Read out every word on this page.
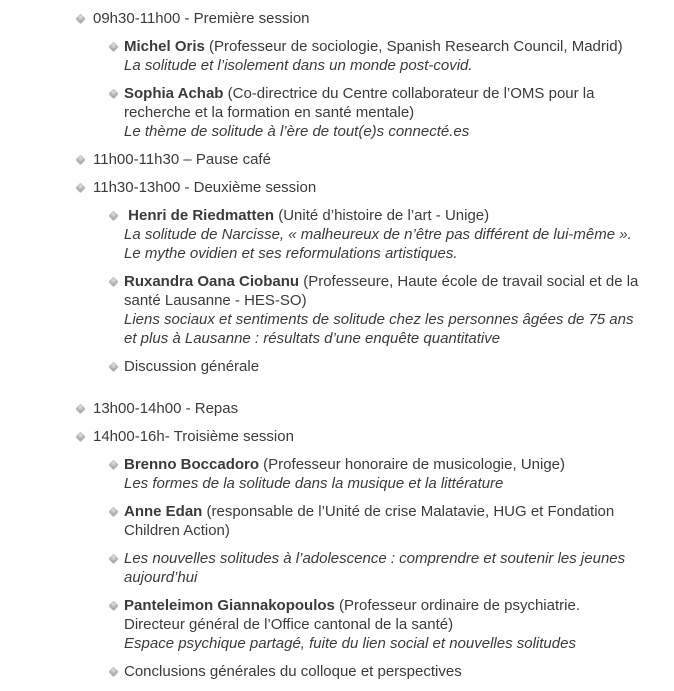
09h30-11h00 - Première session
Michel Oris (Professeur de sociologie, Spanish Research Council, Madrid)
La solitude et l’isolement dans un monde post-covid.
Sophia Achab (Co-directrice du Centre collaborateur de l’OMS pour la
recherche et la formation en santé mentale)
Le thème de solitude à l’ère de tout(e)s connecté.es
11h00-11h30 – Pause café
11h30-13h00 - Deuxième session
Henri de Riedmatten (Unité d’histoire de l’art - Unige)
La solitude de Narcisse, « malheureux de n’être pas différent de lui-même ».
Le mythe ovidien et ses reformulations artistiques.
Ruxandra Oana Ciobanu (Professeure, Haute école de travail social et de la
santé Lausanne - HES-SO)
Liens sociaux et sentiments de solitude chez les personnes âgées de 75 ans
et plus à Lausanne : résultats d’une enquête quantitative
Discussion générale
13h00-14h00 - Repas
14h00-16h- Troisième session
Brenno Boccadoro (Professeur honoraire de musicologie, Unige)
Les formes de la solitude dans la musique et la littérature
Anne Edan (responsable de l’Unité de crise Malatavie, HUG et Fondation
Children Action)
Les nouvelles solitudes à l’adolescence : comprendre et soutenir les jeunes
aujourd’hui
Panteleimon Giannakopoulos (Professeur ordinaire de psychiatrie.
Directeur général de l’Office cantonal de la santé)
Espace psychique partagé, fuite du lien social et nouvelles solitudes
Conclusions générales du colloque et perspectives
